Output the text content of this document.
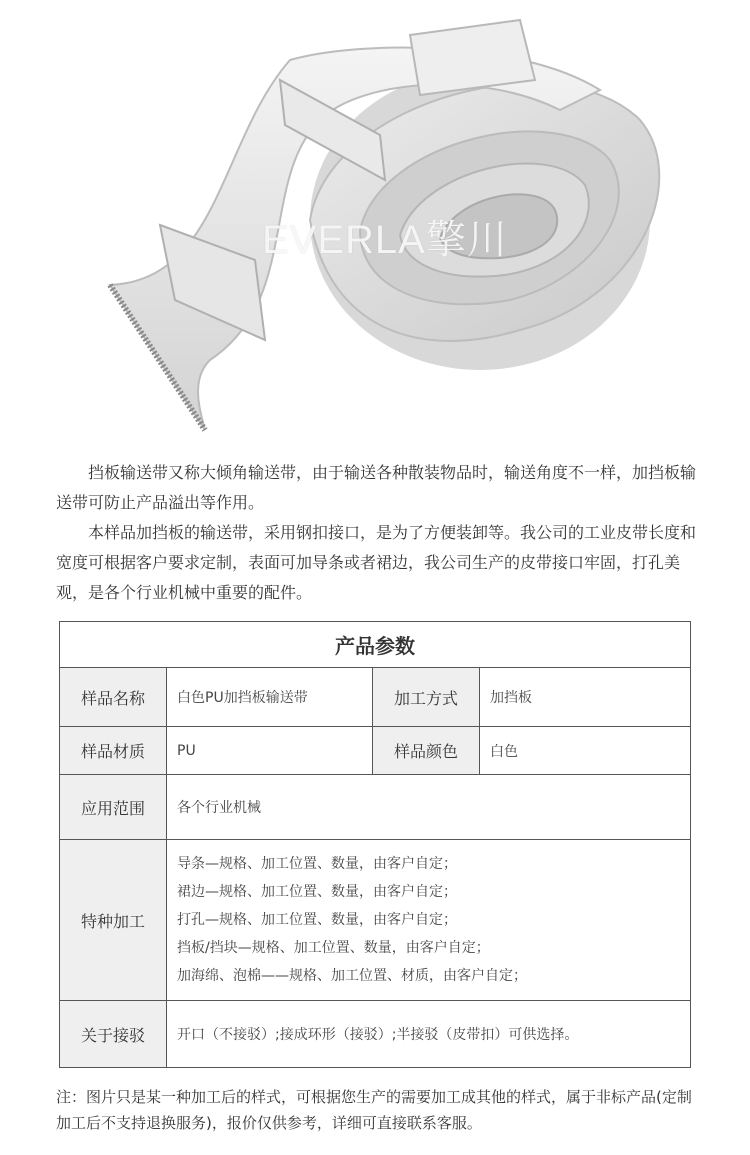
EVERLA擎川

挡板输送带又称大倾角输送带，由于输送各种散装物品时，输送角度不一样，加挡板输送带可防止产品溢出等作用。

本样品加挡板的输送带，采用钢扣接口，是为了方便装卸等。我公司的工业皮带长度和宽度可根据客户要求定制，表面可加导条或者裙边，我公司生产的皮带接口牢固，打孔美观，是各个行业机械中重要的配件。

产品参数			
样品名称	白色PU加挡板输送带	加工方式	加挡板
样品材质	PU	样品颜色	白色
应用范围	各个行业机械		
特种加工	导条—规格、加工位置、数量，由客户自定；
裙边—规格、加工位置、数量，由客户自定；
打孔—规格、加工位置、数量，由客户自定；
挡板/挡块—规格、加工位置、数量，由客户自定；
加海绵、泡棉——规格、加工位置、材质，由客户自定；		

关于接驳	开口（不接驳）;接成环形（接驳）;半接驳（皮带扣）可供选择。		
注：图片只是某一种加工后的样式，可根据您生产的需要加工成其他的样式，属于非标产品(定制加工后不支持退换服务)，报价仅供参考，详细可直接联系客服。
